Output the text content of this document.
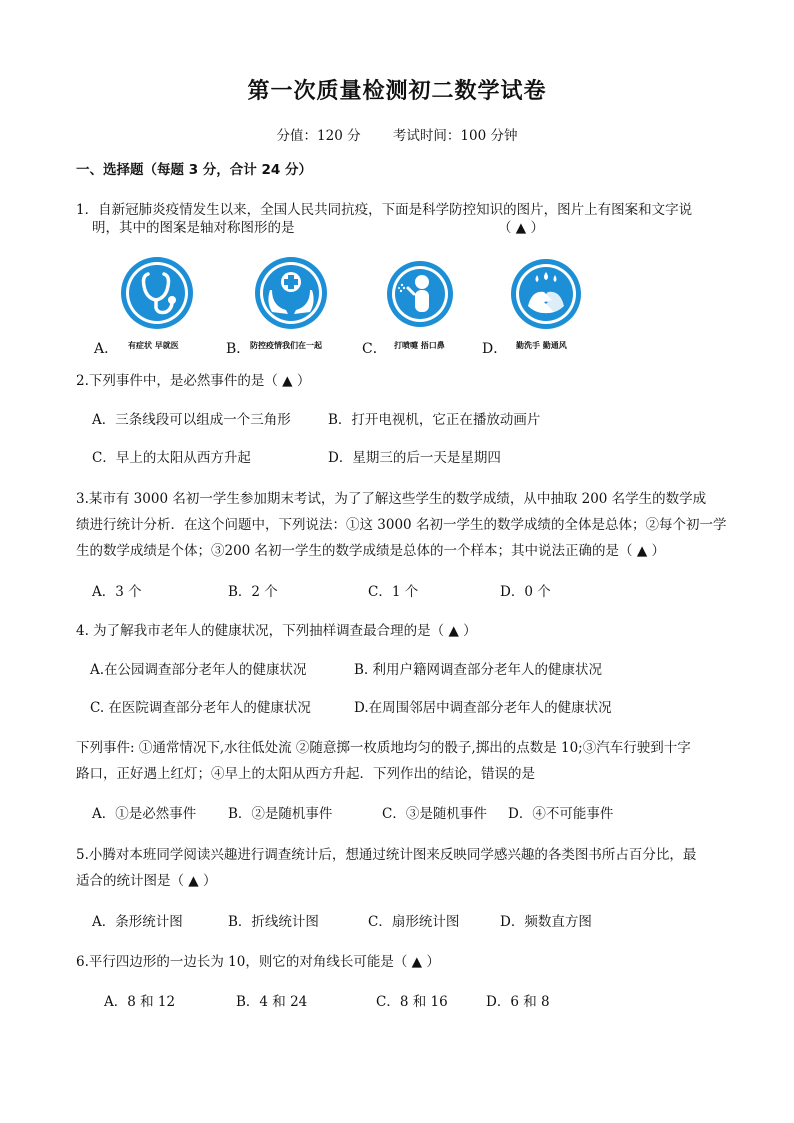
第一次质量检测初二数学试卷
分值：120 分 考试时间：100 分钟
一、选择题（每题 3 分，合计 24 分）
1．自新冠肺炎疫情发生以来，全国人民共同抗疫，下面是科学防控知识的图片，图片上有图案和文字说
明，其中的图案是轴对称图形的是	（ ▲ ）
A． 有症状 早就医	B． 防控疫情我们在一起	C． 打喷嚏 捂口鼻	D． 勤洗手 勤通风
2.下列事件中，是必然事件的是（ ▲ ）
A．三条线段可以组成一个三角形	B．打开电视机，它正在播放动画片
C．早上的太阳从西方升起	D．星期三的后一天是星期四
3.某市有 3000 名初一学生参加期末考试，为了了解这些学生的数学成绩，从中抽取 200 名学生的数学成
绩进行统计分析．在这个问题中，下列说法：①这 3000 名初一学生的数学成绩的全体是总体；②每个初一学
生的数学成绩是个体；③200 名初一学生的数学成绩是总体的一个样本；其中说法正确的是（ ▲ ）
A．3 个	B．2 个	C．1 个	D．0 个
4. 为了解我市老年人的健康状况，下列抽样调查最合理的是（ ▲ ）
A.在公园调查部分老年人的健康状况	B. 利用户籍网调查部分老年人的健康状况
C. 在医院调查部分老年人的健康状况	D.在周围邻居中调查部分老年人的健康状况
下列事件: ①通常情况下,水往低处流 ②随意掷一枚质地均匀的骰子,掷出的点数是 10;③汽车行驶到十字
路口，正好遇上红灯；④早上的太阳从西方升起．下列作出的结论，错误的是
A．①是必然事件 B．②是随机事件	C．③是随机事件 D．④不可能事件
5.小腾对本班同学阅读兴趣进行调查统计后，想通过统计图来反映同学感兴趣的各类图书所占百分比，最
适合的统计图是（ ▲ ）
A．条形统计图	B．折线统计图	C．扇形统计图	D．频数直方图
6.平行四边形的一边长为 10，则它的对角线长可能是（ ▲ ）
A．8 和 12	B．4 和 24	C．8 和 16	D．6 和 8
